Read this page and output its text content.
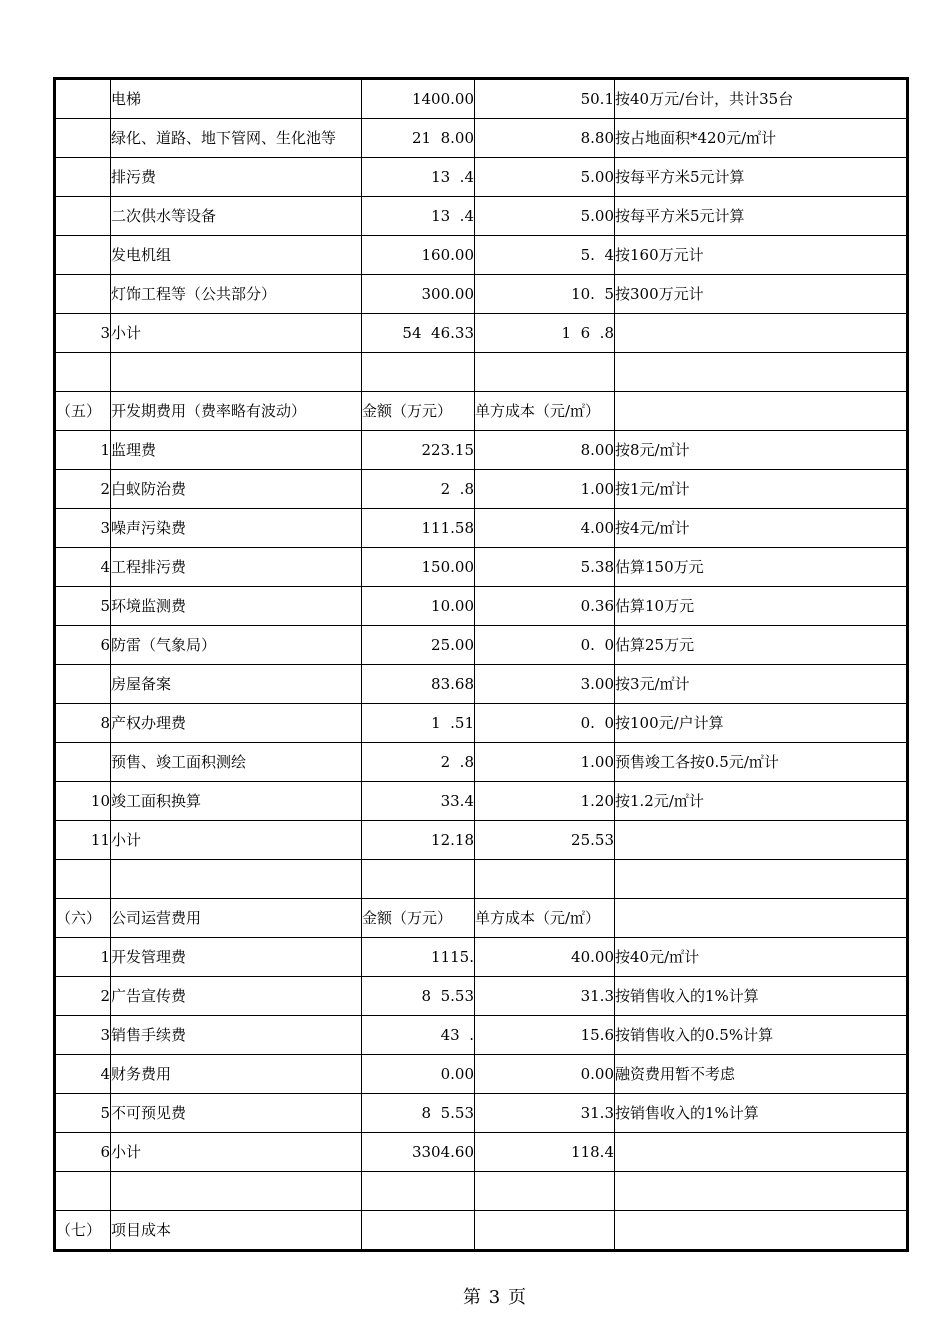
	电梯	1400.00	50.1	按40万元/台计，共计35台
	绿化、道路、地下管网、生化池等	21  8.00	8.80	按占地面积*420元/㎡计
	排污费	13  .4	5.00	按每平方米5元计算
	二次供水等设备	13  .4	5.00	按每平方米5元计算
	发电机组	160.00	5.  4	按160万元计
	灯饰工程等（公共部分）	300.00	10.  5	按300万元计
3	小计	54  46.33	1  6  .8	

（五）	开发期费用（费率略有波动）	金额（万元）	单方成本（元/㎡）	
1	监理费	223.15	8.00	按8元/㎡计
2	白蚁防治费	2  .8	1.00	按1元/㎡计
3	噪声污染费	111.58	4.00	按4元/㎡计
4	工程排污费	150.00	5.38	估算150万元
5	环境监测费	10.00	0.36	估算10万元
6	防雷（气象局）	25.00	0.  0	估算25万元
	房屋备案	83.68	3.00	按3元/㎡计
8	产权办理费	1  .51	0.  0	按100元/户计算
	预售、竣工面积测绘	2  .8	1.00	预售竣工各按0.5元/㎡计
10	竣工面积换算	33.4	1.20	按1.2元/㎡计
11	小计	12.18	25.53	

（六）	公司运营费用	金额（万元）	单方成本（元/㎡）	
1	开发管理费	1115.	40.00	按40元/㎡计
2	广告宣传费	8  5.53	31.3	按销售收入的1%计算
3	销售手续费	43  .	15.6	按销售收入的0.5%计算
4	财务费用	0.00	0.00	融资费用暂不考虑
5	不可预见费	8  5.53	31.3	按销售收入的1%计算
6	小计	3304.60	118.4	

（七）	项目成本			
第 3 页
